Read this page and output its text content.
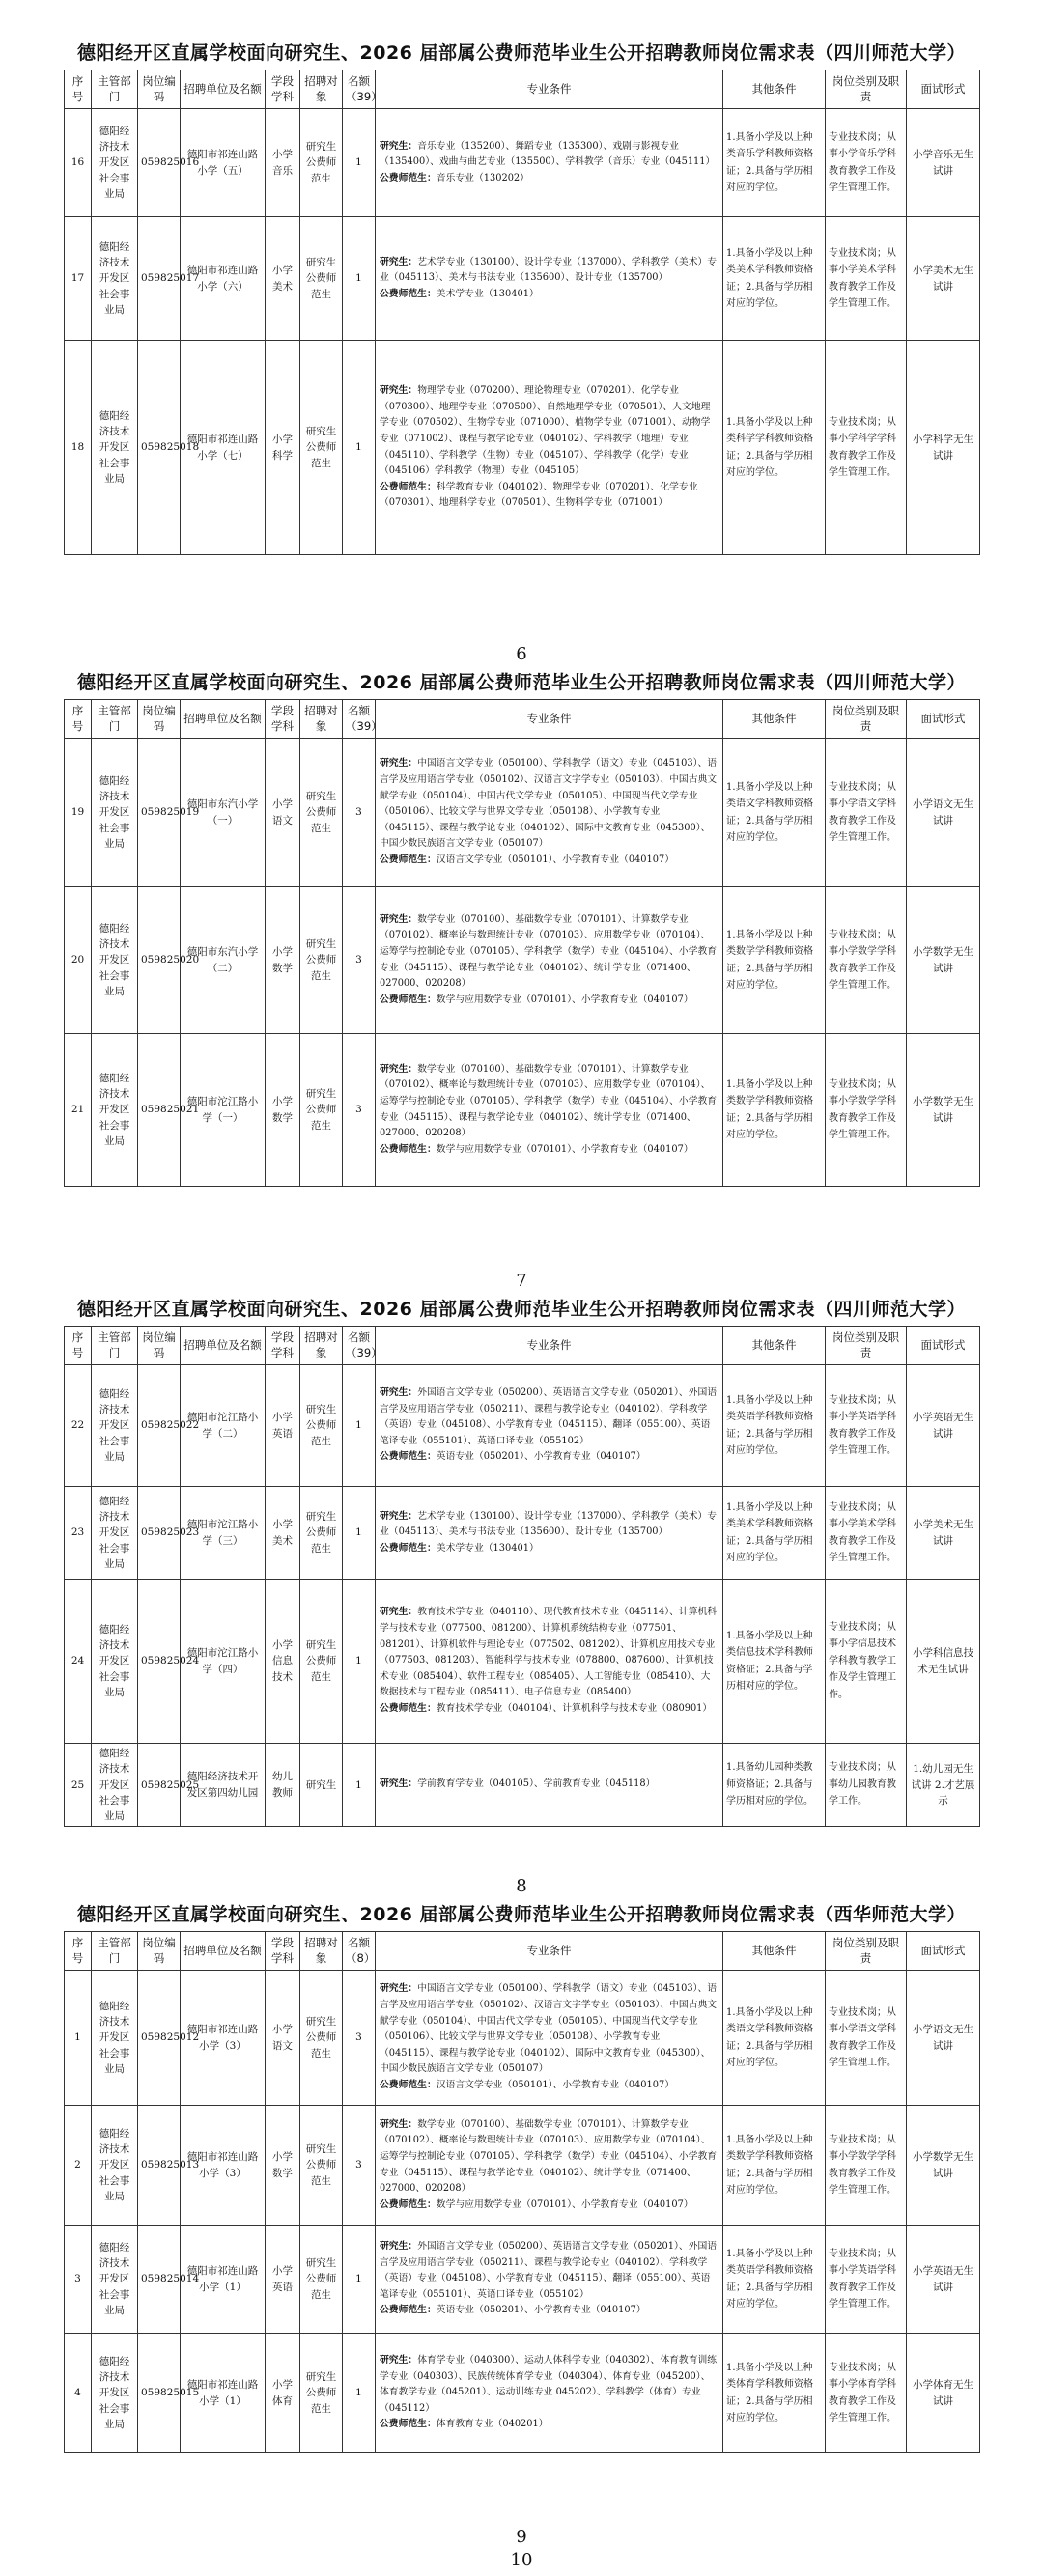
德阳经开区直属学校面向研究生、2026 届部属公费师范毕业生公开招聘教师岗位需求表（四川师范大学）
序号	主管部门	岗位编码	招聘单位及名额	学段学科	招聘对象	名额（39）	专业条件	其他条件	岗位类别及职责	面试形式
16	德阳经济技术开发区社会事业局	059825016	德阳市祁连山路小学（五）	小学音乐	研究生公费师范生	1	研究生：音乐专业（135200）、舞蹈专业（135300）、戏剧与影视专业（135400）、戏曲与曲艺专业（135500）、学科教学（音乐）专业（045111）
公费师范生：音乐专业（130202）	1.具备小学及以上种类音乐学科教师资格证；2.具备与学历相对应的学位。	专业技术岗；从事小学音乐学科教育教学工作及学生管理工作。	小学音乐无生试讲
17	德阳经济技术开发区社会事业局	059825017	德阳市祁连山路小学（六）	小学美术	研究生公费师范生	1	研究生：艺术学专业（130100）、设计学专业（137000）、学科教学（美术）专业（045113）、美术与书法专业（135600）、设计专业（135700）
公费师范生：美术学专业（130401）	1.具备小学及以上种类美术学科教师资格证；2.具备与学历相对应的学位。	专业技术岗；从事小学美术学科教育教学工作及学生管理工作。	小学美术无生试讲
18	德阳经济技术开发区社会事业局	059825018	德阳市祁连山路小学（七）	小学科学	研究生公费师范生	1	研究生：物理学专业（070200）、理论物理专业（070201）、化学专业（070300）、地理学专业（070500）、自然地理学专业（070501）、人文地理学专业（070502）、生物学专业（071000）、植物学专业（071001）、动物学专业（071002）、课程与教学论专业（040102）、学科教学（地理）专业（045110）、学科教学（生物）专业（045107）、学科教学（化学）专业（045106）学科教学（物理）专业（045105）
公费师范生：科学教育专业（040102）、物理学专业（070201）、化学专业（070301）、地理科学专业（070501）、生物科学专业（071001）	1.具备小学及以上种类科学学科教师资格证；2.具备与学历相对应的学位。	专业技术岗；从事小学科学学科教育教学工作及学生管理工作。	小学科学无生试讲
6
德阳经开区直属学校面向研究生、2026 届部属公费师范毕业生公开招聘教师岗位需求表（四川师范大学）
序号	主管部门	岗位编码	招聘单位及名额	学段学科	招聘对象	名额（39）	专业条件	其他条件	岗位类别及职责	面试形式
19	德阳经济技术开发区社会事业局	059825019	德阳市东汽小学（一）	小学语文	研究生公费师范生	3	研究生：中国语言文学专业（050100）、学科教学（语文）专业（045103）、语言学及应用语言学专业（050102）、汉语言文字学专业（050103）、中国古典文献学专业（050104）、中国古代文学专业（050105）、中国现当代文学专业（050106）、比较文学与世界文学专业（050108）、小学教育专业（045115）、课程与教学论专业（040102）、国际中文教育专业（045300）、中国少数民族语言文学专业（050107）
公费师范生：汉语言文学专业（050101）、小学教育专业（040107）	1.具备小学及以上种类语文学科教师资格证；2.具备与学历相对应的学位。	专业技术岗；从事小学语文学科教育教学工作及学生管理工作。	小学语文无生试讲
20	德阳经济技术开发区社会事业局	059825020	德阳市东汽小学（二）	小学数学	研究生公费师范生	3	研究生：数学专业（070100）、基础数学专业（070101）、计算数学专业（070102）、概率论与数理统计专业（070103）、应用数学专业（070104）、运筹学与控制论专业（070105）、学科教学（数学）专业（045104）、小学教育专业（045115）、课程与教学论专业（040102）、统计学专业（071400、027000、020208）
公费师范生：数学与应用数学专业（070101）、小学教育专业（040107）	1.具备小学及以上种类数学学科教师资格证；2.具备与学历相对应的学位。	专业技术岗；从事小学数学学科教育教学工作及学生管理工作。	小学数学无生试讲
21	德阳经济技术开发区社会事业局	059825021	德阳市沱江路小学（一）	小学数学	研究生公费师范生	3	研究生：数学专业（070100）、基础数学专业（070101）、计算数学专业（070102）、概率论与数理统计专业（070103）、应用数学专业（070104）、运筹学与控制论专业（070105）、学科教学（数学）专业（045104）、小学教育专业（045115）、课程与教学论专业（040102）、统计学专业（071400、027000、020208）
公费师范生：数学与应用数学专业（070101）、小学教育专业（040107）	1.具备小学及以上种类数学学科教师资格证；2.具备与学历相对应的学位。	专业技术岗；从事小学数学学科教育教学工作及学生管理工作。	小学数学无生试讲
7
德阳经开区直属学校面向研究生、2026 届部属公费师范毕业生公开招聘教师岗位需求表（四川师范大学）
序号	主管部门	岗位编码	招聘单位及名额	学段学科	招聘对象	名额（39）	专业条件	其他条件	岗位类别及职责	面试形式
22	德阳经济技术开发区社会事业局	059825022	德阳市沱江路小学（二）	小学英语	研究生公费师范生	1	研究生：外国语言文学专业（050200）、英语语言文学专业（050201）、外国语言学及应用语言学专业（050211）、课程与教学论专业（040102）、学科教学（英语）专业（045108）、小学教育专业（045115）、翻译（055100）、英语笔译专业（055101）、英语口译专业（055102）
公费师范生：英语专业（050201）、小学教育专业（040107）	1.具备小学及以上种类英语学科教师资格证；2.具备与学历相对应的学位。	专业技术岗；从事小学英语学科教育教学工作及学生管理工作。	小学英语无生试讲
23	德阳经济技术开发区社会事业局	059825023	德阳市沱江路小学（三）	小学美术	研究生公费师范生	1	研究生：艺术学专业（130100）、设计学专业（137000）、学科教学（美术）专业（045113）、美术与书法专业（135600）、设计专业（135700）
公费师范生：美术学专业（130401）	1.具备小学及以上种类美术学科教师资格证；2.具备与学历相对应的学位。	专业技术岗；从事小学美术学科教育教学工作及学生管理工作。	小学美术无生试讲
24	德阳经济技术开发区社会事业局	059825024	德阳市沱江路小学（四）	小学信息技术	研究生公费师范生	1	研究生：教育技术学专业（040110）、现代教育技术专业（045114）、计算机科学与技术专业（077500、081200）、计算机系统结构专业（077501、081201）、计算机软件与理论专业（077502、081202）、计算机应用技术专业（077503、081203）、智能科学与技术专业（078800、087600）、计算机技术专业（085404）、软件工程专业（085405）、人工智能专业（085410）、大数据技术与工程专业（085411）、电子信息专业（085400）
公费师范生：教育技术学专业（040104）、计算机科学与技术专业（080901）	1.具备小学及以上种类信息技术学科教师资格证；2.具备与学历相对应的学位。	专业技术岗；从事小学信息技术学科教育教学工作及学生管理工作。	小学科信息技术无生试讲
25	德阳经济技术开发区社会事业局	059825025	德阳经济技术开发区第四幼儿园	幼儿教师	研究生	1	研究生：学前教育学专业（040105）、学前教育专业（045118）	1.具备幼儿园种类教师资格证；2.具备与学历相对应的学位。	专业技术岗；从事幼儿园教育教学工作。	1.幼儿园无生试讲 2.才艺展示
8
德阳经开区直属学校面向研究生、2026 届部属公费师范毕业生公开招聘教师岗位需求表（西华师范大学）
序号	主管部门	岗位编码	招聘单位及名额	学段学科	招聘对象	名额（8）	专业条件	其他条件	岗位类别及职责	面试形式
1	德阳经济技术开发区社会事业局	059825012	德阳市祁连山路小学（3）	小学语文	研究生公费师范生	3	研究生：中国语言文学专业（050100）、学科教学（语文）专业（045103）、语言学及应用语言学专业（050102）、汉语言文字学专业（050103）、中国古典文献学专业（050104）、中国古代文学专业（050105）、中国现当代文学专业（050106）、比较文学与世界文学专业（050108）、小学教育专业（045115）、课程与教学论专业（040102）、国际中文教育专业（045300）、中国少数民族语言文学专业（050107）
公费师范生：汉语言文学专业（050101）、小学教育专业（040107）	1.具备小学及以上种类语文学科教师资格证；2.具备与学历相对应的学位。	专业技术岗；从事小学语文学科教育教学工作及学生管理工作。	小学语文无生试讲
2	德阳经济技术开发区社会事业局	059825013	德阳市祁连山路小学（3）	小学数学	研究生公费师范生	3	研究生：数学专业（070100）、基础数学专业（070101）、计算数学专业（070102）、概率论与数理统计专业（070103）、应用数学专业（070104）、运筹学与控制论专业（070105）、学科教学（数学）专业（045104）、小学教育专业（045115）、课程与教学论专业（040102）、统计学专业（071400、027000、020208）
公费师范生：数学与应用数学专业（070101）、小学教育专业（040107）	1.具备小学及以上种类数学学科教师资格证；2.具备与学历相对应的学位。	专业技术岗；从事小学数学学科教育教学工作及学生管理工作。	小学数学无生试讲
3	德阳经济技术开发区社会事业局	059825014	德阳市祁连山路小学（1）	小学英语	研究生公费师范生	1	研究生：外国语言文学专业（050200）、英语语言文学专业（050201）、外国语言学及应用语言学专业（050211）、课程与教学论专业（040102）、学科教学（英语）专业（045108）、小学教育专业（045115）、翻译（055100）、英语笔译专业（055101）、英语口译专业（055102）
公费师范生：英语专业（050201）、小学教育专业（040107）	1.具备小学及以上种类英语学科教师资格证；2.具备与学历相对应的学位。	专业技术岗；从事小学英语学科教育教学工作及学生管理工作。	小学英语无生试讲
4	德阳经济技术开发区社会事业局	059825015	德阳市祁连山路小学（1）	小学体育	研究生公费师范生	1	研究生：体育学专业（040300）、运动人体科学专业（040302）、体育教育训练学专业（040303）、民族传统体育学专业（040304）、体育专业（045200）、体育教学专业（045201）、运动训练专业 045202）、学科教学（体育）专业（045112）
公费师范生：体育教育专业（040201）	1.具备小学及以上种类体育学科教师资格证；2.具备与学历相对应的学位。	专业技术岗；从事小学体育学科教育教学工作及学生管理工作。	小学体育无生试讲
9
10
